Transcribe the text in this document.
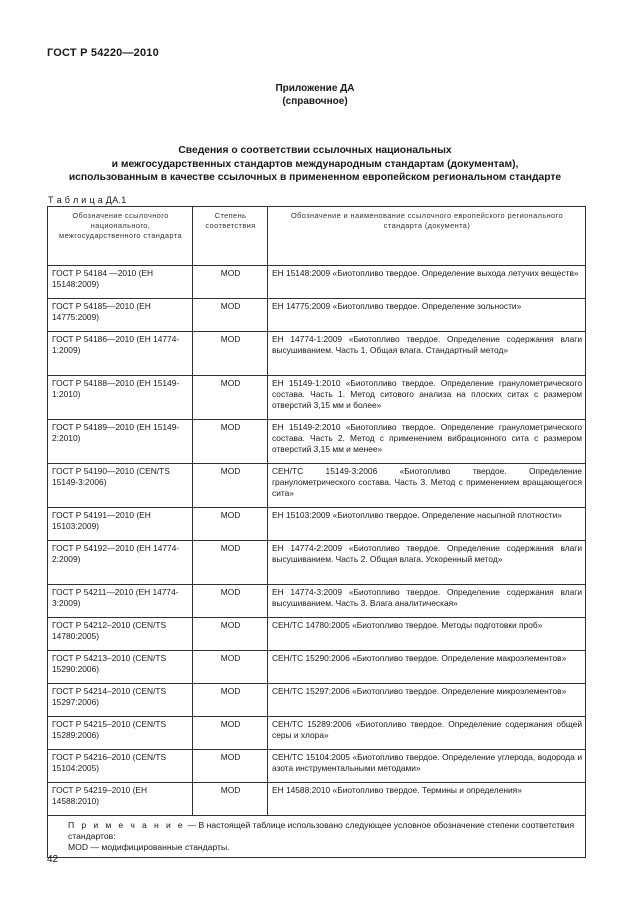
ГОСТ Р 54220—2010
Приложение ДА
(справочное)
Сведения о соответствии ссылочных национальных
и межгосударственных стандартов международным стандартам (документам),
использованным в качестве ссылочных в примененном европейском региональном стандарте
Т а б л и ц а ДА.1
Обозначение ссылочного национального, межгосударственного стандарта	Степень соответствия	Обозначение и наименование ссылочного европейского регионального стандарта (документа)
ГОСТ Р 54184 —2010 (ЕН 15148:2009)	MOD	ЕН 15148:2009 «Биотопливо твердое. Определение выхода летучих веществ»
ГОСТ Р 54185—2010 (ЕН 14775:2009)	MOD	ЕН 14775:2009 «Биотопливо твердое. Определение зольности»
ГОСТ Р 54186—2010 (ЕН 14774-1:2009)	MOD	ЕН 14774-1:2009 «Биотопливо твердое. Определение содержания влаги высушиванием. Часть 1. Общая влага. Стандартный метод»
ГОСТ Р 54188—2010 (ЕН 15149-1:2010)	MOD	ЕН 15149-1:2010 «Биотопливо твердое. Определение гранулометрического состава. Часть 1. Метод ситового анализа на плоских ситах с размером отверстий 3,15 мм и более»
ГОСТ Р 54189—2010 (ЕН 15149-2:2010)	MOD	ЕН 15149-2:2010 «Биотопливо твердое. Определение гранулометрического состава. Часть 2. Метод с применением вибрационного сита с размером отверстий 3,15 мм и менее»
ГОСТ Р 54190—2010 (CEN/TS 15149-3:2006)	MOD	СЕН/TC 15149-3:2006 «Биотопливо твердое. Определение гранулометрического состава. Часть 3. Метод с применением вращающегося сита»
ГОСТ Р 54191—2010 (ЕН 15103:2009)	MOD	ЕН 15103:2009 «Биотопливо твердое. Определение насыпной плотности»
ГОСТ Р 54192—2010 (ЕН 14774-2:2009)	MOD	ЕН 14774-2:2009 «Биотопливо твердое. Определение содержания влаги высушиванием. Часть 2. Общая влага. Ускоренный метод»
ГОСТ Р 54211—2010 (ЕН 14774-3:2009)	MOD	ЕН 14774-3:2009 «Биотопливо твердое. Определение содержания влаги высушиванием. Часть 3. Влага аналитическая»
ГОСТ Р 54212–2010 (CEN/TS 14780:2005)	MOD	СЕН/TC 14780:2005 «Биотопливо твердое. Методы подготовки проб»
ГОСТ Р 54213–2010 (CEN/TS 15290:2006)	MOD	СЕН/TC 15290:2006 «Биотопливо твердое. Определение макроэлементов»
ГОСТ Р 54214–2010 (CEN/TS 15297:2006)	MOD	СЕН/TC 15297:2006 «Биотопливо твердое. Определение микроэлементов»
ГОСТ Р 54215–2010 (CEN/TS 15289:2006)	MOD	СЕН/TC 15289:2006 «Биотопливо твердое. Определение содержания общей серы и хлора»
ГОСТ Р 54216–2010 (CEN/TS 15104:2005)	MOD	СЕН/TC 15104:2005 «Биотопливо твердое. Определение углерода, водорода и азота инструментальными методами»
ГОСТ Р 54219–2010 (ЕН 14588:2010)	MOD	ЕН 14588:2010 «Биотопливо твердое. Термины и определения»

П р и м е ч а н и е — В настоящей таблице использовано следующее условное обозначение степени соответствия стандартов:
MOD — модифицированные стандарты.		
42
